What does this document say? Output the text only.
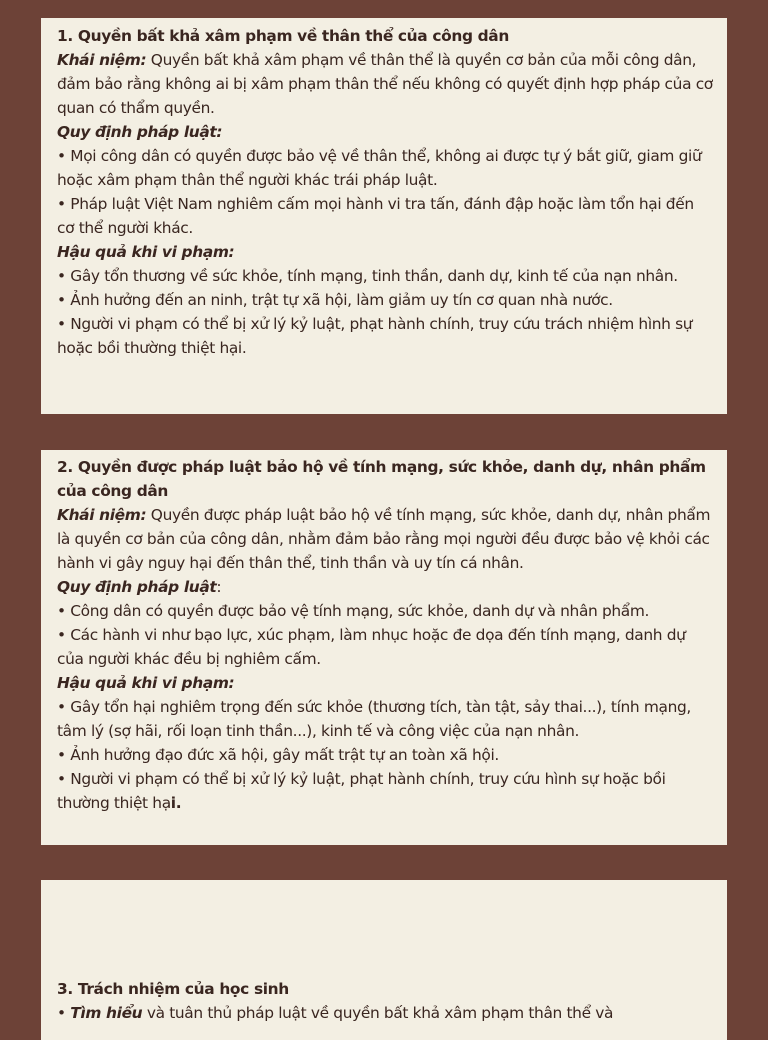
1. Quyền bất khả xâm phạm về thân thể của công dân

Khái niệm: Quyền bất khả xâm phạm về thân thể là quyền cơ bản của mỗi công dân, đảm bảo rằng không ai bị xâm phạm thân thể nếu không có quyết định hợp pháp của cơ quan có thẩm quyền.

Quy định pháp luật:

• Mọi công dân có quyền được bảo vệ về thân thể, không ai được tự ý bắt giữ, giam giữ hoặc xâm phạm thân thể người khác trái pháp luật.

• Pháp luật Việt Nam nghiêm cấm mọi hành vi tra tấn, đánh đập hoặc làm tổn hại đến cơ thể người khác.

Hậu quả khi vi phạm:

• Gây tổn thương về sức khỏe, tính mạng, tinh thần, danh dự, kinh tế của nạn nhân.

• Ảnh hưởng đến an ninh, trật tự xã hội, làm giảm uy tín cơ quan nhà nước.

• Người vi phạm có thể bị xử lý kỷ luật, phạt hành chính, truy cứu trách nhiệm hình sự hoặc bồi thường thiệt hại.

2. Quyền được pháp luật bảo hộ về tính mạng, sức khỏe, danh dự, nhân phẩm của công dân

Khái niệm: Quyền được pháp luật bảo hộ về tính mạng, sức khỏe, danh dự, nhân phẩm là quyền cơ bản của công dân, nhằm đảm bảo rằng mọi người đều được bảo vệ khỏi các hành vi gây nguy hại đến thân thể, tinh thần và uy tín cá nhân.

Quy định pháp luật:

• Công dân có quyền được bảo vệ tính mạng, sức khỏe, danh dự và nhân phẩm.

• Các hành vi như bạo lực, xúc phạm, làm nhục hoặc đe dọa đến tính mạng, danh dự của người khác đều bị nghiêm cấm.

Hậu quả khi vi phạm:

• Gây tổn hại nghiêm trọng đến sức khỏe (thương tích, tàn tật, sảy thai...), tính mạng, tâm lý (sợ hãi, rối loạn tinh thần...), kinh tế và công việc của nạn nhân.

• Ảnh hưởng đạo đức xã hội, gây mất trật tự an toàn xã hội.

• Người vi phạm có thể bị xử lý kỷ luật, phạt hành chính, truy cứu hình sự hoặc bồi thường thiệt hại.

3. Trách nhiệm của học sinh

• Tìm hiểu và tuân thủ pháp luật về quyền bất khả xâm phạm thân thể và
